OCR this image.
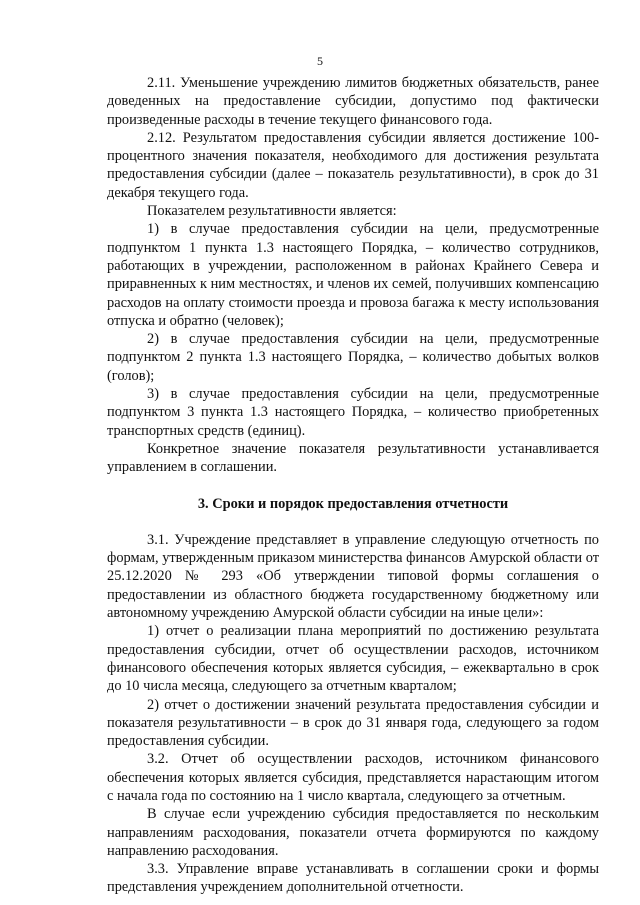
5

2.11. Уменьшение учреждению лимитов бюджетных обязательств, ранее доведенных на предоставление субсидии, допустимо под фактически произведенные расходы в течение текущего финансового года.

2.12. Результатом предоставления субсидии является достижение 100-процентного значения показателя, необходимого для достижения результата предоставления субсидии (далее – показатель результативности), в срок до 31 декабря текущего года.

Показателем результативности является:

1) в случае предоставления субсидии на цели, предусмотренные подпунктом 1 пункта 1.3 настоящего Порядка, – количество сотрудников, работающих в учреждении, расположенном в районах Крайнего Севера и приравненных к ним местностях, и членов их семей, получивших компенсацию расходов на оплату стоимости проезда и провоза багажа к месту использования отпуска и обратно (человек);

2) в случае предоставления субсидии на цели, предусмотренные подпунктом 2 пункта 1.3 настоящего Порядка, – количество добытых волков (голов);

3) в случае предоставления субсидии на цели, предусмотренные подпунктом 3 пункта 1.3 настоящего Порядка, – количество приобретенных транспортных средств (единиц).

Конкретное значение показателя результативности устанавливается управлением в соглашении.

3. Сроки и порядок предоставления отчетности

3.1. Учреждение представляет в управление следующую отчетность по формам, утвержденным приказом министерства финансов Амурской области от 25.12.2020 № 293 «Об утверждении типовой формы соглашения о предоставлении из областного бюджета государственному бюджетному или автономному учреждению Амурской области субсидии на иные цели»:

1) отчет о реализации плана мероприятий по достижению результата предоставления субсидии, отчет об осуществлении расходов, источником финансового обеспечения которых является субсидия, – ежеквартально в срок до 10 числа месяца, следующего за отчетным кварталом;

2) отчет о достижении значений результата предоставления субсидии и показателя результативности – в срок до 31 января года, следующего за годом предоставления субсидии.

3.2. Отчет об осуществлении расходов, источником финансового обеспечения которых является субсидия, представляется нарастающим итогом с начала года по состоянию на 1 число квартала, следующего за отчетным.

В случае если учреждению субсидия предоставляется по нескольким направлениям расходования, показатели отчета формируются по каждому направлению расходования.

3.3. Управление вправе устанавливать в соглашении сроки и формы представления учреждением дополнительной отчетности.
